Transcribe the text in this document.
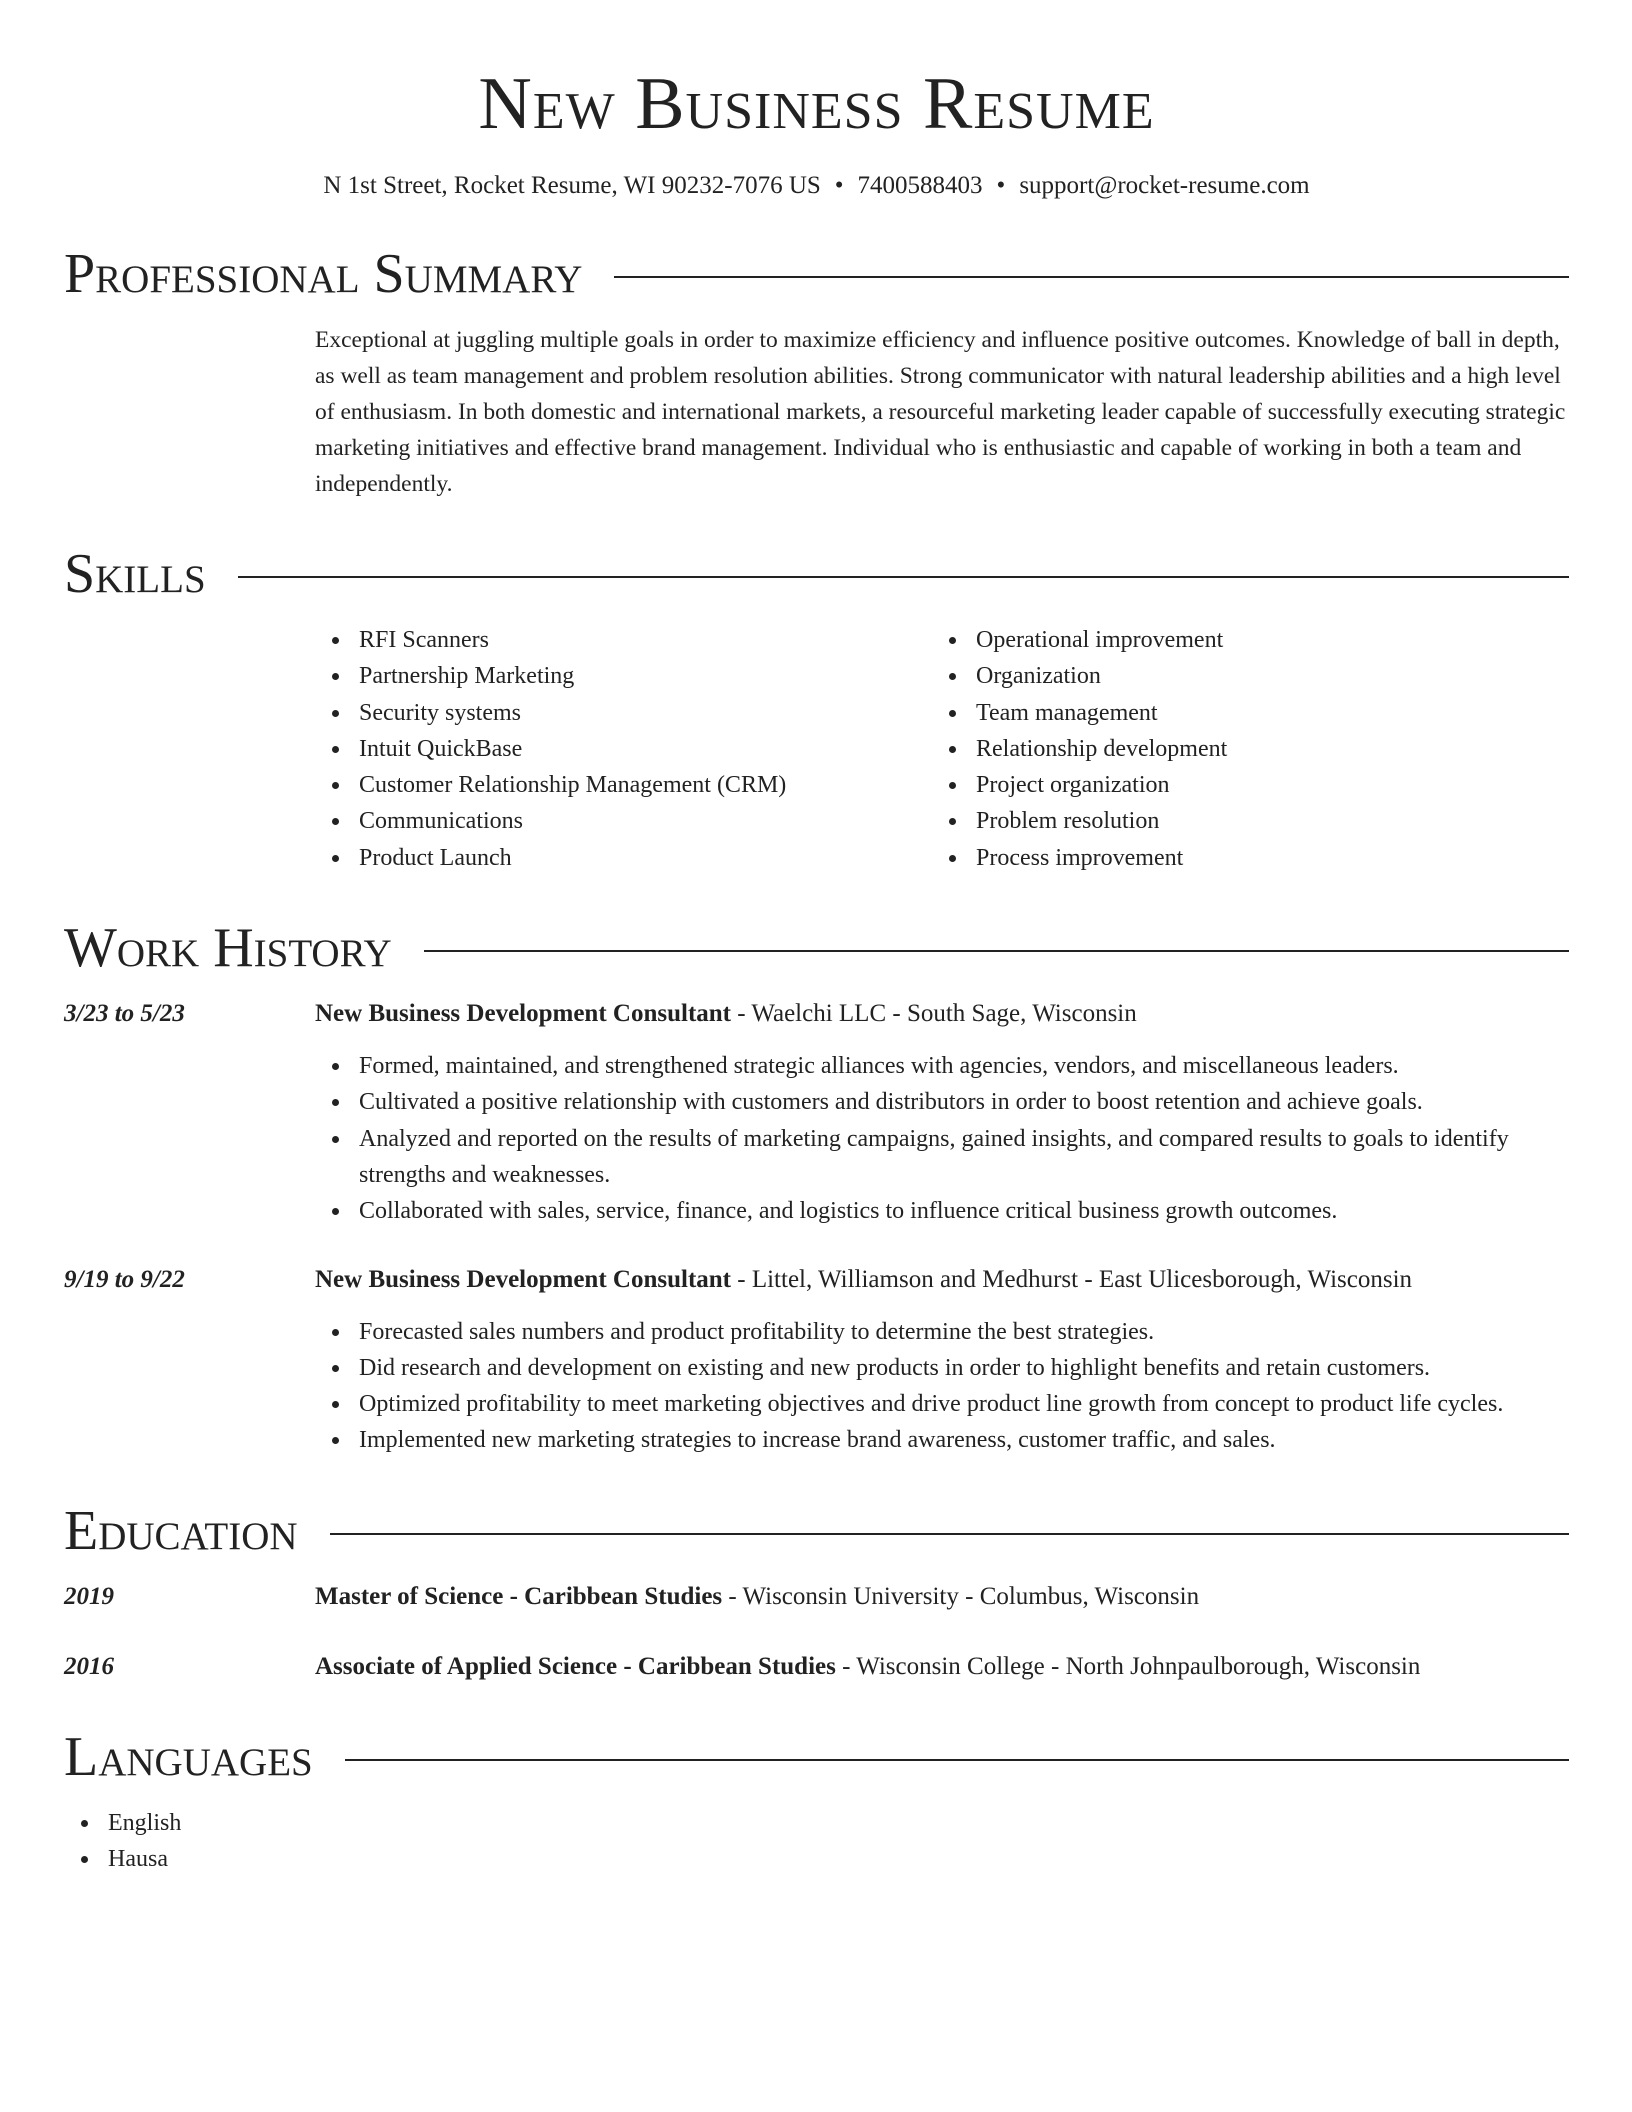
New Business Resume
N 1st Street, Rocket Resume, WI 90232-7076 US • 7400588403 • support@rocket-resume.com
Professional Summary
Exceptional at juggling multiple goals in order to maximize efficiency and influence positive outcomes. Knowledge of ball in depth, as well as team management and problem resolution abilities. Strong communicator with natural leadership abilities and a high level of enthusiasm. In both domestic and international markets, a resourceful marketing leader capable of successfully executing strategic marketing initiatives and effective brand management. Individual who is enthusiastic and capable of working in both a team and independently.
Skills
RFI Scanners
Partnership Marketing
Security systems
Intuit QuickBase
Customer Relationship Management (CRM)
Communications
Product Launch
Operational improvement
Organization
Team management
Relationship development
Project organization
Problem resolution
Process improvement
Work History
3/23 to 5/23	New Business Development Consultant - Waelchi LLC - South Sage, Wisconsin
Formed, maintained, and strengthened strategic alliances with agencies, vendors, and miscellaneous leaders.
Cultivated a positive relationship with customers and distributors in order to boost retention and achieve goals.
Analyzed and reported on the results of marketing campaigns, gained insights, and compared results to goals to identify strengths and weaknesses.
Collaborated with sales, service, finance, and logistics to influence critical business growth outcomes.
9/19 to 9/22	New Business Development Consultant - Littel, Williamson and Medhurst - East Ulicesborough, Wisconsin
Forecasted sales numbers and product profitability to determine the best strategies.
Did research and development on existing and new products in order to highlight benefits and retain customers.
Optimized profitability to meet marketing objectives and drive product line growth from concept to product life cycles.
Implemented new marketing strategies to increase brand awareness, customer traffic, and sales.
Education
2019	Master of Science - Caribbean Studies - Wisconsin University - Columbus, Wisconsin
2016	Associate of Applied Science - Caribbean Studies - Wisconsin College - North Johnpaulborough, Wisconsin
Languages
English
Hausa
